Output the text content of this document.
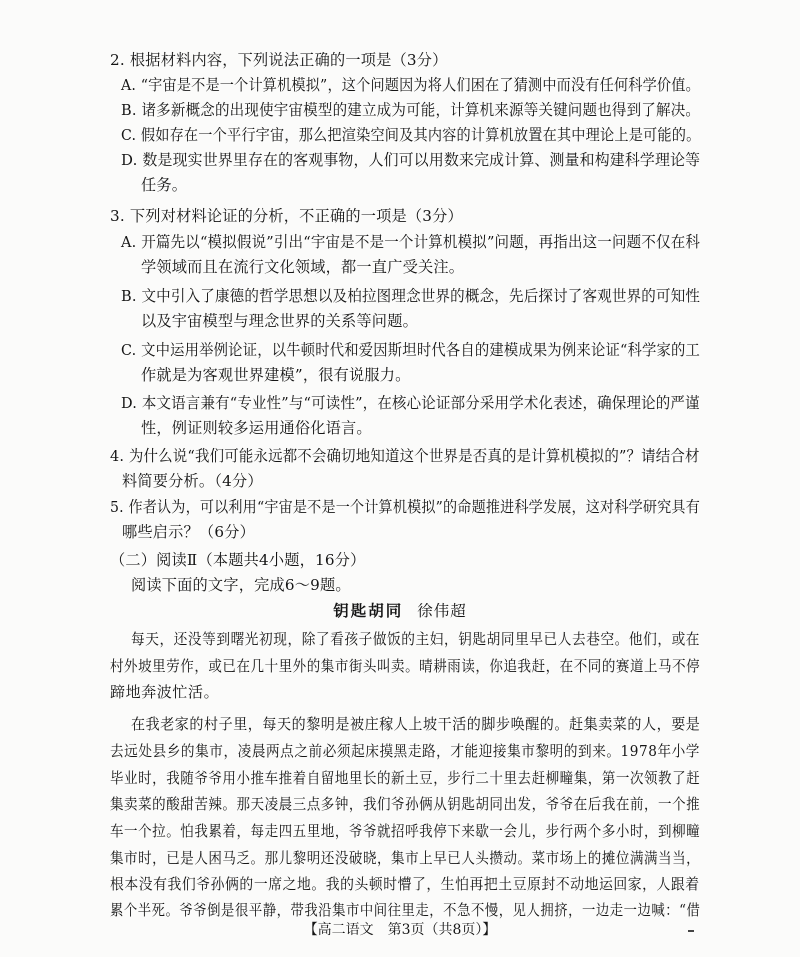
2. 根据材料内容，下列说法正确的一项是（3分）
A. “宇宙是不是一个计算机模拟”，这个问题因为将人们困在了猜测中而没有任何科学价值。
B. 诸多新概念的出现使宇宙模型的建立成为可能，计算机来源等关键问题也得到了解决。
C. 假如存在一个平行宇宙，那么把渲染空间及其内容的计算机放置在其中理论上是可能的。
D. 数是现实世界里存在的客观事物，人们可以用数来完成计算、测量和构建科学理论等
任务。
3. 下列对材料论证的分析，不正确的一项是（3分）
A. 开篇先以“模拟假说”引出“宇宙是不是一个计算机模拟”问题，再指出这一问题不仅在科
学领域而且在流行文化领域，都一直广受关注。
B. 文中引入了康德的哲学思想以及柏拉图理念世界的概念，先后探讨了客观世界的可知性
以及宇宙模型与理念世界的关系等问题。
C. 文中运用举例论证，以牛顿时代和爱因斯坦时代各自的建模成果为例来论证“科学家的工
作就是为客观世界建模”，很有说服力。
D. 本文语言兼有“专业性”与“可读性”，在核心论证部分采用学术化表述，确保理论的严谨
性，例证则较多运用通俗化语言。
4. 为什么说“我们可能永远都不会确切地知道这个世界是否真的是计算机模拟的”？请结合材
料简要分析。（4分）
5. 作者认为，可以利用“宇宙是不是一个计算机模拟”的命题推进科学发展，这对科学研究具有
哪些启示？（6分）
（二）阅读Ⅱ（本题共4小题，16分）
阅读下面的文字，完成6～9题。
每天，还没等到曙光初现，除了看孩子做饭的主妇，钥匙胡同里早已人去巷空。他们，或在
村外坡里劳作，或已在几十里外的集市街头叫卖。晴耕雨读，你追我赶，在不同的赛道上马不停
蹄地奔波忙活。
在我老家的村子里，每天的黎明是被庄稼人上坡干活的脚步唤醒的。赶集卖菜的人，要是
去远处县乡的集市，凌晨两点之前必须起床摸黑走路，才能迎接集市黎明的到来。1978年小学
毕业时，我随爷爷用小推车推着自留地里长的新土豆，步行二十里去赶柳疃集，第一次领教了赶
集卖菜的酸甜苦辣。那天凌晨三点多钟，我们爷孙俩从钥匙胡同出发，爷爷在后我在前，一个推
车一个拉。怕我累着，每走四五里地，爷爷就招呼我停下来歇一会儿，步行两个多小时，到柳疃
集市时，已是人困马乏。那儿黎明还没破晓，集市上早已人头攒动。菜市场上的摊位满满当当，
根本没有我们爷孙俩的一席之地。我的头顿时懵了，生怕再把土豆原封不动地运回家，人跟着
累个半死。爷爷倒是很平静，带我沿集市中间往里走，不急不慢，见人拥挤，一边走一边喊：“借
钥匙胡同 徐伟超
【高二语文　第3页（共8页）】
